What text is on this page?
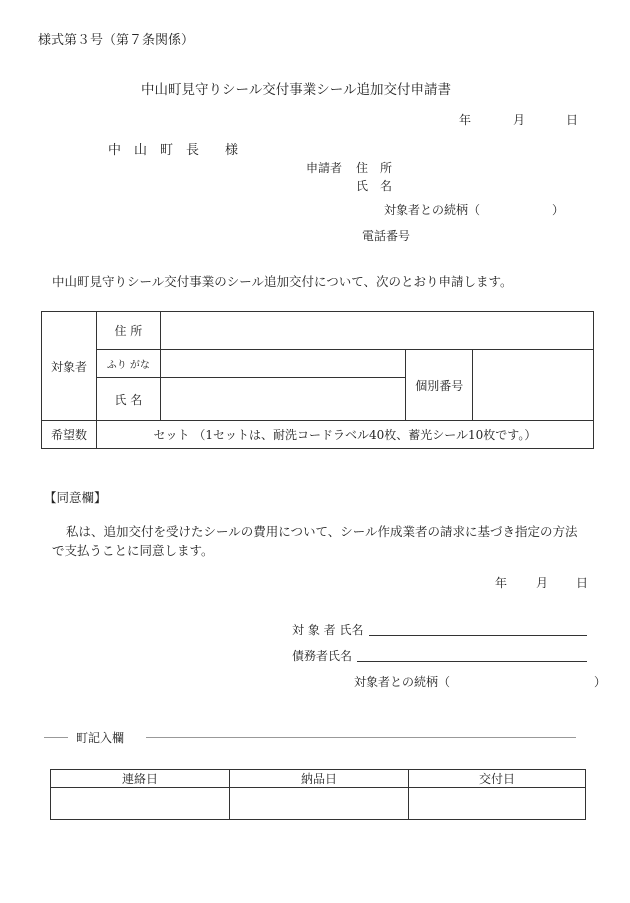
様式第３号（第７条関係）
中山町見守りシール交付事業シール追加交付申請書
年	月	日
中　山　町　長　　様
申請者 住　所
氏　名
対象者との続柄（　　　　　　）
電話番号
中山町見守りシール交付事業のシール追加交付について、次のとおり申請します。
対象者	住 所			
	ふり がな		個別番号	
	氏 名			
希望数	セット （1セットは、耐洗コードラベル40枚、蓄光シール10枚です。）			
【同意欄】
私は、追加交付を受けたシールの費用について、シール作成業者の請求に基づき指定の方法
で支払うことに同意します。
年 月 日
対 象 者 氏名
債務者氏名
対象者との続柄（　　　　　　　　　　　　）
町記入欄
連絡日	納品日	交付日
